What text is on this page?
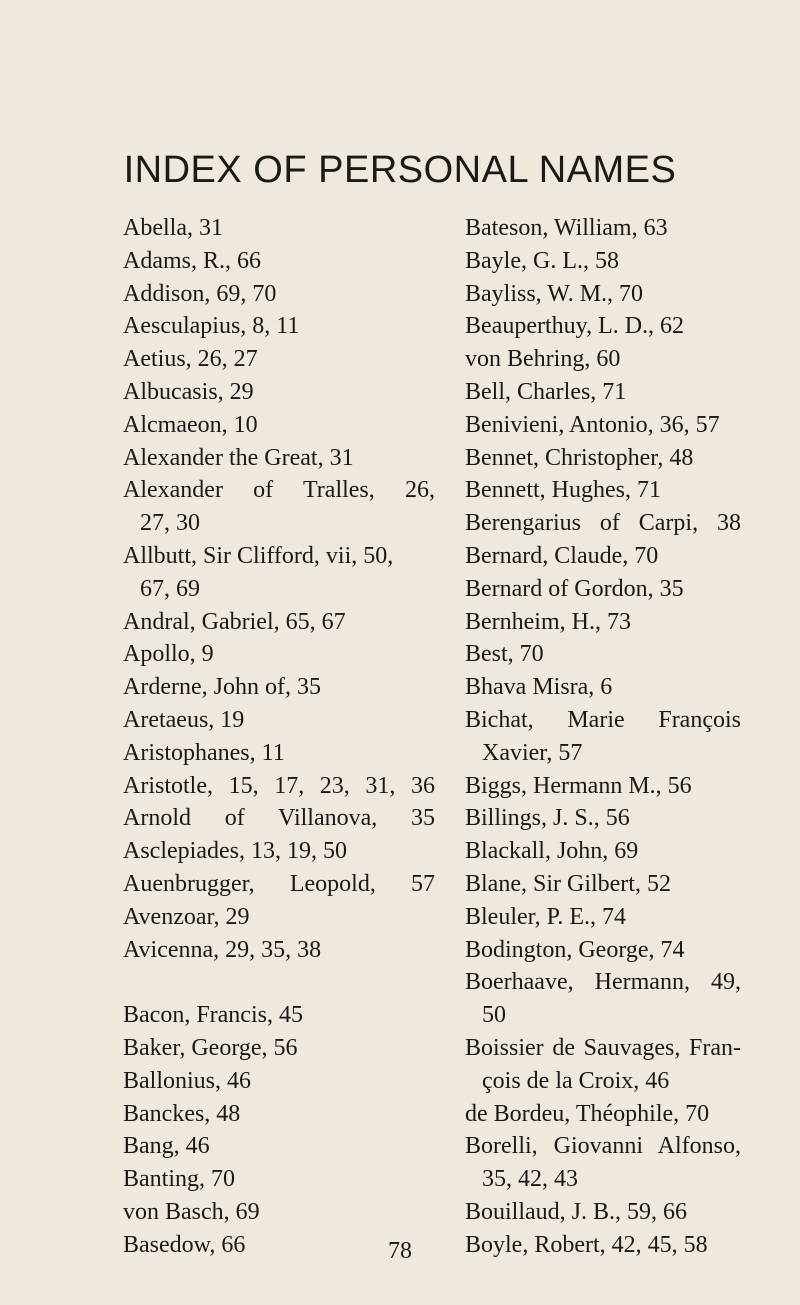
INDEX OF PERSONAL NAMES
Abella, 31
Adams, R., 66
Addison, 69, 70
Aesculapius, 8, 11
Aetius, 26, 27
Albucasis, 29
Alcmaeon, 10
Alexander the Great, 31
Alexander of Tralles, 26,
27, 30
Allbutt, Sir Clifford, vii, 50,
67, 69
Andral, Gabriel, 65, 67
Apollo, 9
Arderne, John of, 35
Aretaeus, 19
Aristophanes, 11
Aristotle, 15, 17, 23, 31, 36
Arnold of Villanova, 35
Asclepiades, 13, 19, 50
Auenbrugger, Leopold, 57
Avenzoar, 29
Avicenna, 29, 35, 38
Bacon, Francis, 45
Baker, George, 56
Ballonius, 46
Banckes, 48
Bang, 46
Banting, 70
von Basch, 69
Basedow, 66
Bateson, William, 63
Bayle, G. L., 58
Bayliss, W. M., 70
Beauperthuy, L. D., 62
von Behring, 60
Bell, Charles, 71
Benivieni, Antonio, 36, 57
Bennet, Christopher, 48
Bennett, Hughes, 71
Berengarius of Carpi, 38
Bernard, Claude, 70
Bernard of Gordon, 35
Bernheim, H., 73
Best, 70
Bhava Misra, 6
Bichat, Marie François
Xavier, 57
Biggs, Hermann M., 56
Billings, J. S., 56
Blackall, John, 69
Blane, Sir Gilbert, 52
Bleuler, P. E., 74
Bodington, George, 74
Boerhaave, Hermann, 49,
50
Boissier de Sauvages, Fran-
çois de la Croix, 46
de Bordeu, Théophile, 70
Borelli, Giovanni Alfonso,
35, 42, 43
Bouillaud, J. B., 59, 66
Boyle, Robert, 42, 45, 58
78
